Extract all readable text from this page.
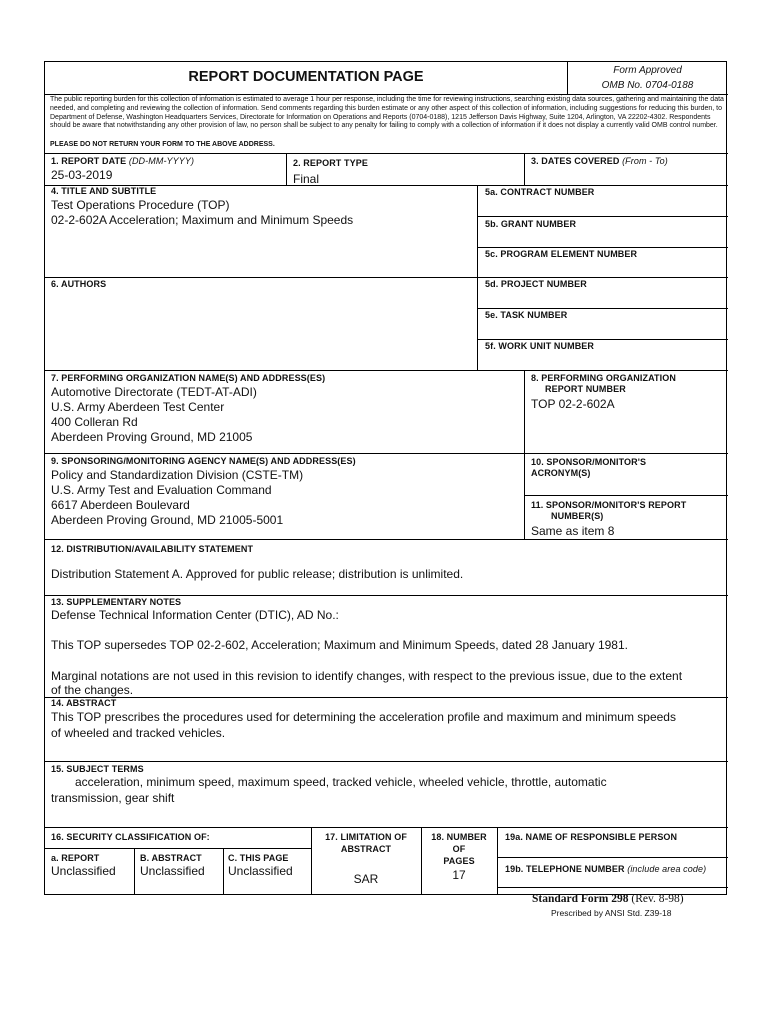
REPORT DOCUMENTATION PAGE	Form Approved
OMB No. 0704-0188
The public reporting burden for this collection of information is estimated to average 1 hour per response, including the time for reviewing instructions, searching existing data sources, gathering and maintaining the data needed, and completing and reviewing the collection of information. Send comments regarding this burden estimate or any other aspect of this collection of information, including suggestions for reducing this burden, to Department of Defense, Washington Headquarters Services, Directorate for Information on Operations and Reports (0704-0188), 1215 Jefferson Davis Highway, Suite 1204, Arlington, VA 22202-4302. Respondents should be aware that notwithstanding any other provision of law, no person shall be subject to any penalty for failing to comply with a collection of information if it does not display a currently valid OMB control number.
PLEASE DO NOT RETURN YOUR FORM TO THE ABOVE ADDRESS.
1. REPORT DATE (DD-MM-YYYY)
25-03-2019
2. REPORT TYPE
Final
3. DATES COVERED (From - To)
4. TITLE AND SUBTITLE
Test Operations Procedure (TOP)
02-2-602A Acceleration; Maximum and Minimum Speeds
5a. CONTRACT NUMBER
5b. GRANT NUMBER
5c. PROGRAM ELEMENT NUMBER
6. AUTHORS	5d. PROJECT NUMBER
5e. TASK NUMBER
5f. WORK UNIT NUMBER
7. PERFORMING ORGANIZATION NAME(S) AND ADDRESS(ES)
Automotive Directorate (TEDT-AT-ADI)
U.S. Army Aberdeen Test Center
400 Colleran Rd
Aberdeen Proving Ground, MD 21005
8. PERFORMING ORGANIZATION
REPORT NUMBER
TOP 02-2-602A
9. SPONSORING/MONITORING AGENCY NAME(S) AND ADDRESS(ES)
Policy and Standardization Division (CSTE-TM)
U.S. Army Test and Evaluation Command
6617 Aberdeen Boulevard
Aberdeen Proving Ground, MD 21005-5001
10. SPONSOR/MONITOR'S
ACRONYM(S)
11. SPONSOR/MONITOR'S REPORT
NUMBER(S)
Same as item 8
12. DISTRIBUTION/AVAILABILITY STATEMENT
Distribution Statement A. Approved for public release; distribution is unlimited.
13. SUPPLEMENTARY NOTES
Defense Technical Information Center (DTIC), AD No.:
This TOP supersedes TOP 02-2-602, Acceleration; Maximum and Minimum Speeds, dated 28 January 1981.
Marginal notations are not used in this revision to identify changes, with respect to the previous issue, due to the extent
of the changes.
14. ABSTRACT
This TOP prescribes the procedures used for determining the acceleration profile and maximum and minimum speeds
of wheeled and tracked vehicles.
15. SUBJECT TERMS
acceleration, minimum speed, maximum speed, tracked vehicle, wheeled vehicle, throttle, automatic
transmission, gear shift
16. SECURITY CLASSIFICATION OF:
a. REPORT
Unclassified
B. ABSTRACT
Unclassified
C. THIS PAGE
Unclassified
17. LIMITATION OF
ABSTRACT
SAR
18. NUMBER
OF
PAGES
17
19a. NAME OF RESPONSIBLE PERSON
19b. TELEPHONE NUMBER (include area code)
Standard Form 298 (Rev. 8-98)
Prescribed by ANSI Std. Z39-18
